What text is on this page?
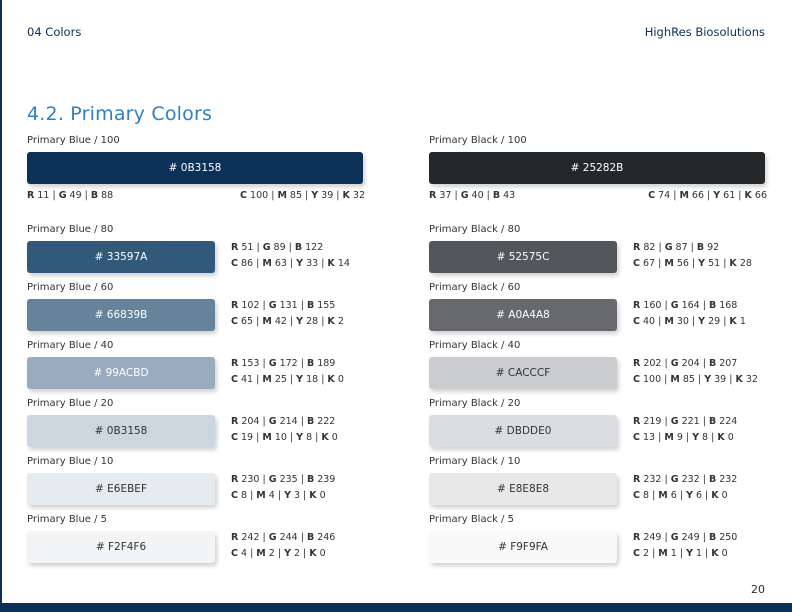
04 Colors	HighRes Biosolutions
4.2. Primary Colors
Primary Blue / 100
# 0B3158
R 11 | G 49 | B 88	C 100 | M 85 | Y 39 | K 32
Primary Blue / 80
# 33597A
R 51 | G 89 | B 122
C 86 | M 63 | Y 33 | K 14
Primary Blue / 60
# 66839B
R 102 | G 131 | B 155
C 65 | M 42 | Y 28 | K 2
Primary Blue / 40
# 99ACBD
R 153 | G 172 | B 189
C 41 | M 25 | Y 18 | K 0
Primary Blue / 20
# 0B3158
R 204 | G 214 | B 222
C 19 | M 10 | Y 8 | K 0
Primary Blue / 10
# E6EBEF
R 230 | G 235 | B 239
C 8 | M 4 | Y 3 | K 0
Primary Blue / 5
# F2F4F6
R 242 | G 244 | B 246
C 4 | M 2 | Y 2 | K 0
Primary Black / 100
# 25282B
R 37 | G 40 | B 43	C 74 | M 66 | Y 61 | K 66
Primary Black / 80
# 52575C
R 82 | G 87 | B 92
C 67 | M 56 | Y 51 | K 28
Primary Black / 60
# A0A4A8
R 160 | G 164 | B 168
C 40 | M 30 | Y 29 | K 1
Primary Black / 40
# CACCCF
R 202 | G 204 | B 207
C 100 | M 85 | Y 39 | K 32
Primary Black / 20
# DBDDE0
R 219 | G 221 | B 224
C 13 | M 9 | Y 8 | K 0
Primary Black / 10
# E8E8E8
R 232 | G 232 | B 232
C 8 | M 6 | Y 6 | K 0
Primary Black / 5
# F9F9FA
R 249 | G 249 | B 250
C 2 | M 1 | Y 1 | K 0
20
